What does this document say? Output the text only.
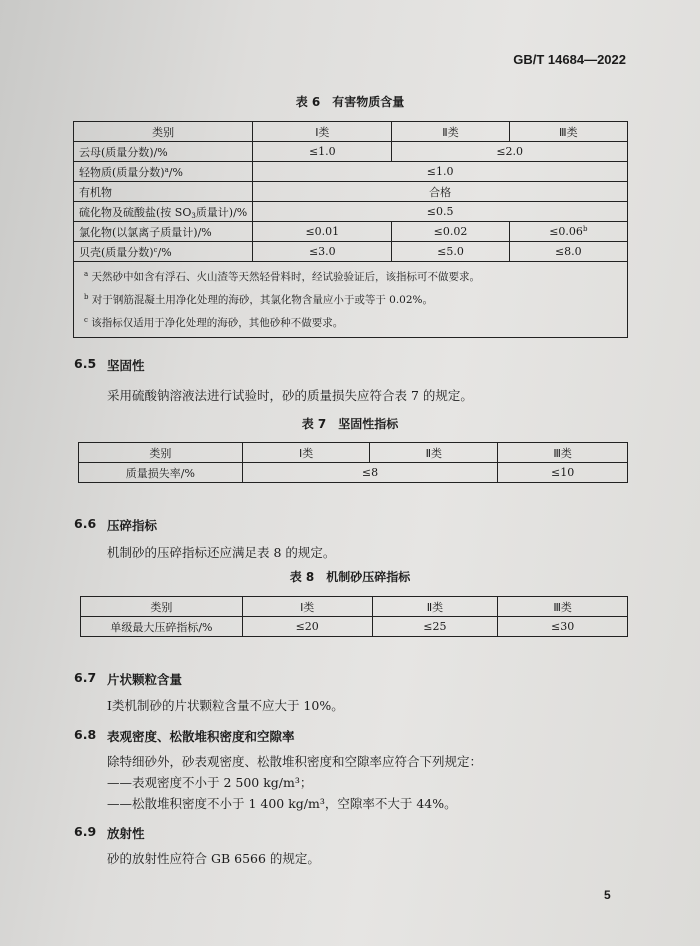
GB/T 14684—2022
表 6　有害物质含量
类别	Ⅰ类	Ⅱ类	Ⅲ类
云母(质量分数)/%	≤1.0	≤2.0	
轻物质(质量分数)$^a$/%	≤1.0		
有机物	合格		
硫化物及硫酸盐(按 SO3质量计)/%	≤0.5		
氯化物(以氯离子质量计)/%	≤0.01	≤0.02	≤0.06$^b$
贝壳(质量分数)$^c$/%	≤3.0	≤5.0	≤8.0

$^a$ 天然砂中如含有浮石、火山渣等天然轻骨料时，经试验验证后，该指标可不做要求。
$^b$ 对于钢筋混凝土用净化处理的海砂，其氯化物含量应小于或等于 0.02%。
$^c$ 该指标仅适用于净化处理的海砂，其他砂种不做要求。			
6.5 坚固性
采用硫酸钠溶液法进行试验时，砂的质量损失应符合表 7 的规定。
表 7　坚固性指标
类别	Ⅰ类	Ⅱ类	Ⅲ类
质量损失率/%	≤8		≤10
6.6 压碎指标
机制砂的压碎指标还应满足表 8 的规定。
表 8　机制砂压碎指标
类别	Ⅰ类	Ⅱ类	Ⅲ类
单级最大压碎指标/%	≤20	≤25	≤30
6.7 片状颗粒含量
Ⅰ类机制砂的片状颗粒含量不应大于 10%。
6.8 表观密度、松散堆积密度和空隙率
除特细砂外，砂表观密度、松散堆积密度和空隙率应符合下列规定：
——表观密度不小于 2 500 kg/m³；
——松散堆积密度不小于 1 400 kg/m³，空隙率不大于 44%。
6.9 放射性
砂的放射性应符合 GB 6566 的规定。
5
